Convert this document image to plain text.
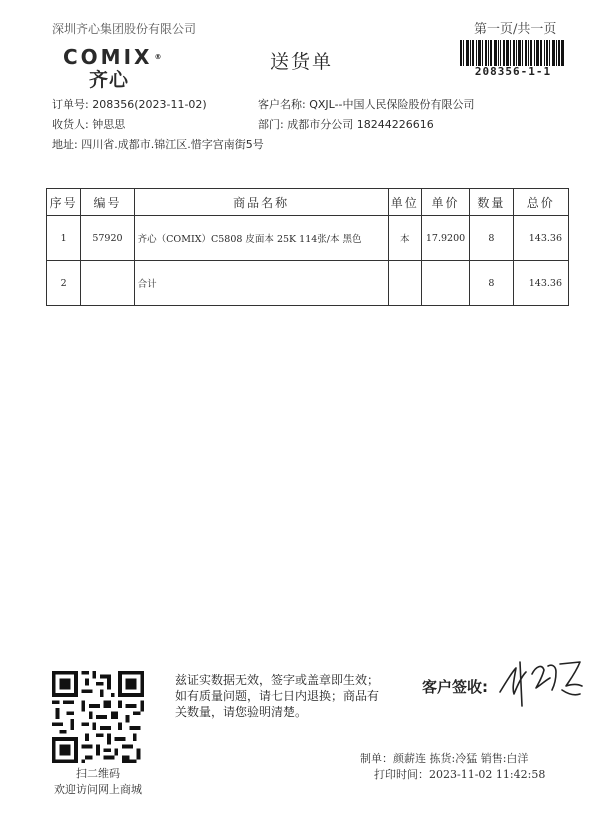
深圳齐心集团股份有限公司	第一页/共一页
COMIX ®
齐心
送货单	208356-1-1
订单号: 208356(2023-11-02)	客户名称: QXJL--中国人民保险股份有限公司
收货人: 钟思思	部门: 成都市分公司 18244226616
地址: 四川省.成都市.锦江区.惜字宫南街5号
序号	编号	商品名称	单位	单价	数量	总价
1	57920	齐心（COMIX）C5808 皮面本 25K 114张/本 黑色	本	17.9200	8	143.36
2		合计			8	143.36
扫二维码
欢迎访问网上商城
兹证实数据无效，签字或盖章即生效；如有质量问题，请七日内退换；商品有关数量，请您验明清楚。
客户签收:
制单：颜薪连 拣货:冷猛 销售:白洋
打印时间：2023-11-02 11:42:58
